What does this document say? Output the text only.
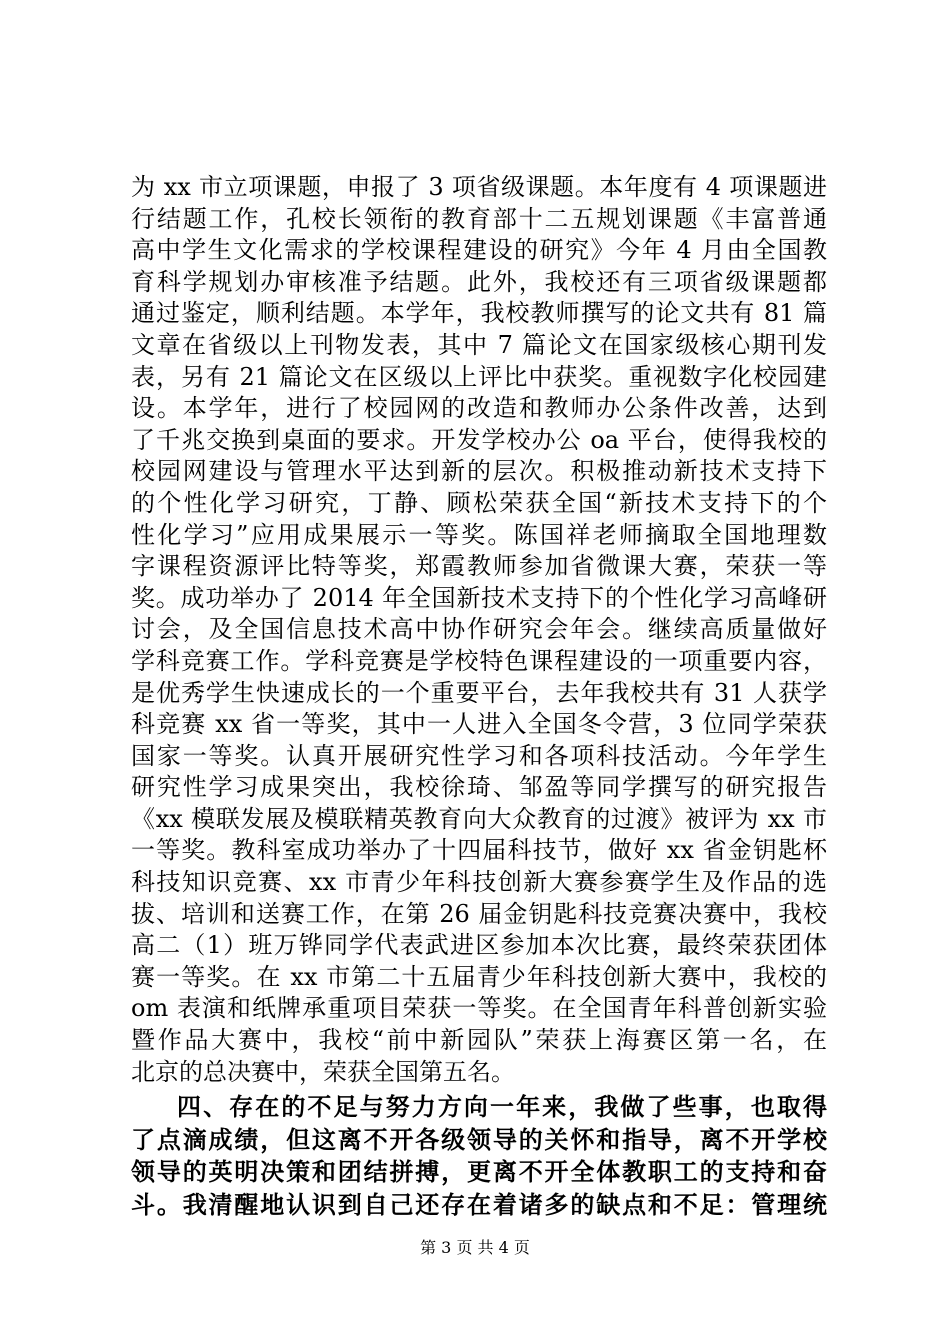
为 xx 市立项课题，申报了 3 项省级课题。本年度有 4 项课题进
行结题工作，孔校长领衔的教育部十二五规划课题《丰富普通
高中学生文化需求的学校课程建设的研究》今年 4 月由全国教
育科学规划办审核准予结题。此外，我校还有三项省级课题都
通过鉴定，顺利结题。本学年，我校教师撰写的论文共有 81 篇
文章在省级以上刊物发表，其中 7 篇论文在国家级核心期刊发
表，另有 21 篇论文在区级以上评比中获奖。重视数字化校园建
设。本学年，进行了校园网的改造和教师办公条件改善，达到
了千兆交换到桌面的要求。开发学校办公 oa 平台，使得我校的
校园网建设与管理水平达到新的层次。积极推动新技术支持下
的个性化学习研究，丁静、顾松荣获全国“新技术支持下的个
性化学习”应用成果展示一等奖。陈国祥老师摘取全国地理数
字课程资源评比特等奖，郑霞教师参加省微课大赛，荣获一等
奖。成功举办了 2014 年全国新技术支持下的个性化学习高峰研
讨会，及全国信息技术高中协作研究会年会。继续高质量做好
学科竞赛工作。学科竞赛是学校特色课程建设的一项重要内容，
是优秀学生快速成长的一个重要平台，去年我校共有 31 人获学
科竞赛 xx 省一等奖，其中一人进入全国冬令营，3 位同学荣获
国家一等奖。认真开展研究性学习和各项科技活动。今年学生
研究性学习成果突出，我校徐琦、邹盈等同学撰写的研究报告
《xx 模联发展及模联精英教育向大众教育的过渡》被评为 xx 市
一等奖。教科室成功举办了十四届科技节，做好 xx 省金钥匙杯
科技知识竞赛、xx 市青少年科技创新大赛参赛学生及作品的选
拔、培训和送赛工作，在第 26 届金钥匙科技竞赛决赛中，我校
高二（1）班万铧同学代表武进区参加本次比赛，最终荣获团体
赛一等奖。在 xx 市第二十五届青少年科技创新大赛中，我校的
om 表演和纸牌承重项目荣获一等奖。在全国青年科普创新实验
暨作品大赛中，我校“前中新园队”荣获上海赛区第一名，在
北京的总决赛中，荣获全国第五名。
四、存在的不足与努力方向一年来，我做了些事，也取得
了点滴成绩，但这离不开各级领导的关怀和指导，离不开学校
领导的英明决策和团结拼搏，更离不开全体教职工的支持和奋
斗。我清醒地认识到自己还存在着诸多的缺点和不足：管理统
第 3 页 共 4 页
